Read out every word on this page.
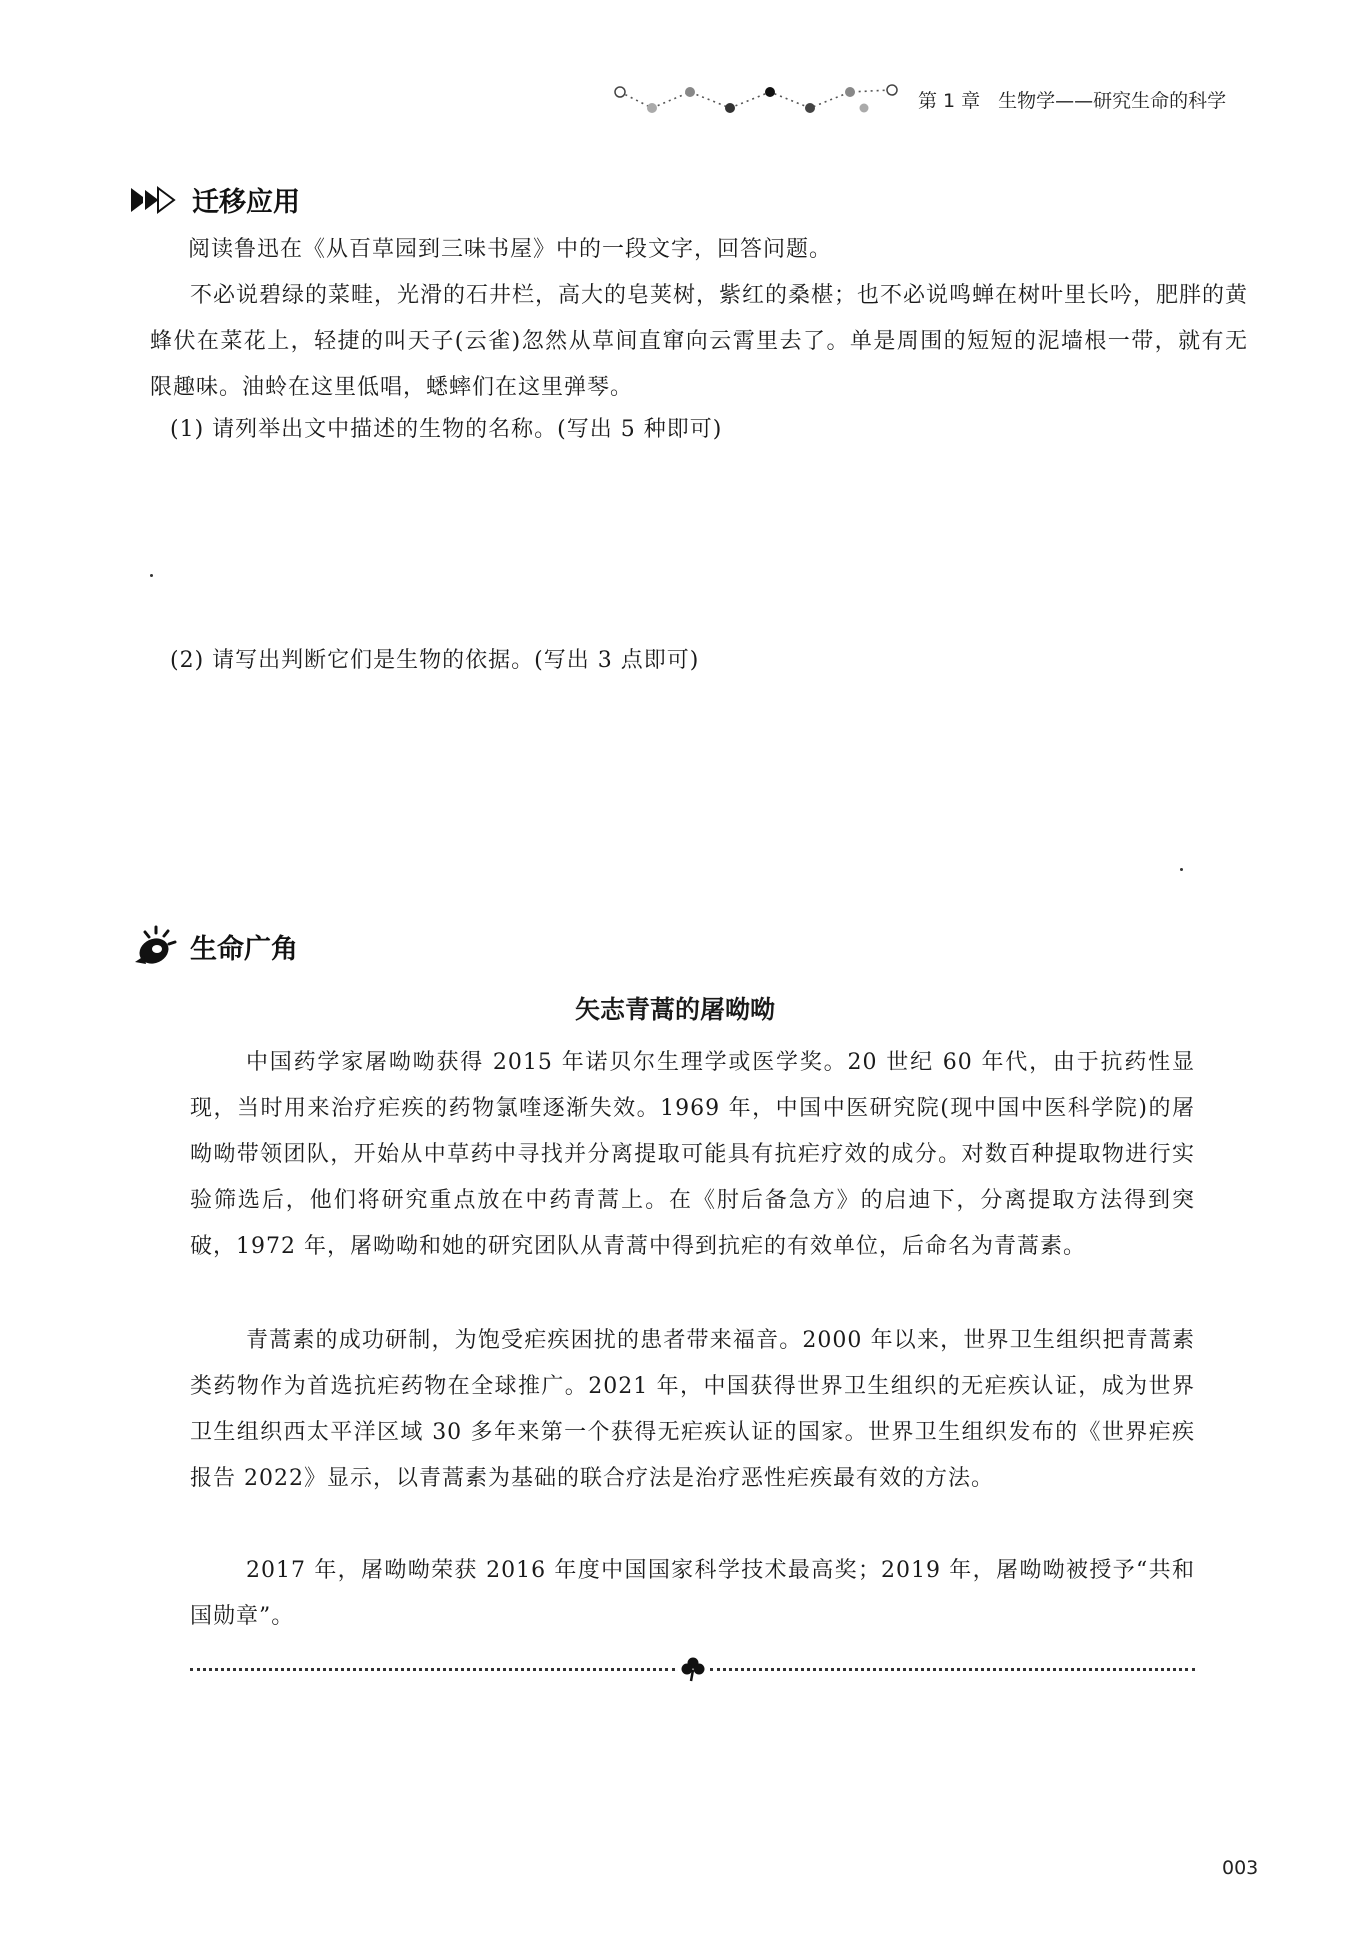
第 1 章 生物学——研究生命的科学
迁移应用

阅读鲁迅在《从百草园到三味书屋》中的一段文字，回答问题。

不必说碧绿的菜畦，光滑的石井栏，高大的皂荚树，紫红的桑椹；也不必说鸣蝉在树叶里长吟，肥胖的黄蜂伏在菜花上，轻捷的叫天子(云雀)忽然从草间直窜向云霄里去了。单是周围的短短的泥墙根一带，就有无限趣味。油蛉在这里低唱，蟋蟀们在这里弹琴。

(1) 请列举出文中描述的生物的名称。(写出 5 种即可)

(2) 请写出判断它们是生物的依据。(写出 3 点即可)

生命广角
矢志青蒿的屠呦呦

中国药学家屠呦呦获得 2015 年诺贝尔生理学或医学奖。20 世纪 60 年代，由于抗药性显现，当时用来治疗疟疾的药物氯喹逐渐失效。1969 年，中国中医研究院(现中国中医科学院)的屠呦呦带领团队，开始从中草药中寻找并分离提取可能具有抗疟疗效的成分。对数百种提取物进行实验筛选后，他们将研究重点放在中药青蒿上。在《肘后备急方》的启迪下，分离提取方法得到突破，1972 年，屠呦呦和她的研究团队从青蒿中得到抗疟的有效单位，后命名为青蒿素。

青蒿素的成功研制，为饱受疟疾困扰的患者带来福音。2000 年以来，世界卫生组织把青蒿素类药物作为首选抗疟药物在全球推广。2021 年，中国获得世界卫生组织的无疟疾认证，成为世界卫生组织西太平洋区域 30 多年来第一个获得无疟疾认证的国家。世界卫生组织发布的《世界疟疾报告 2022》显示，以青蒿素为基础的联合疗法是治疗恶性疟疾最有效的方法。

2017 年，屠呦呦荣获 2016 年度中国国家科学技术最高奖；2019 年，屠呦呦被授予“共和国勋章”。

003
